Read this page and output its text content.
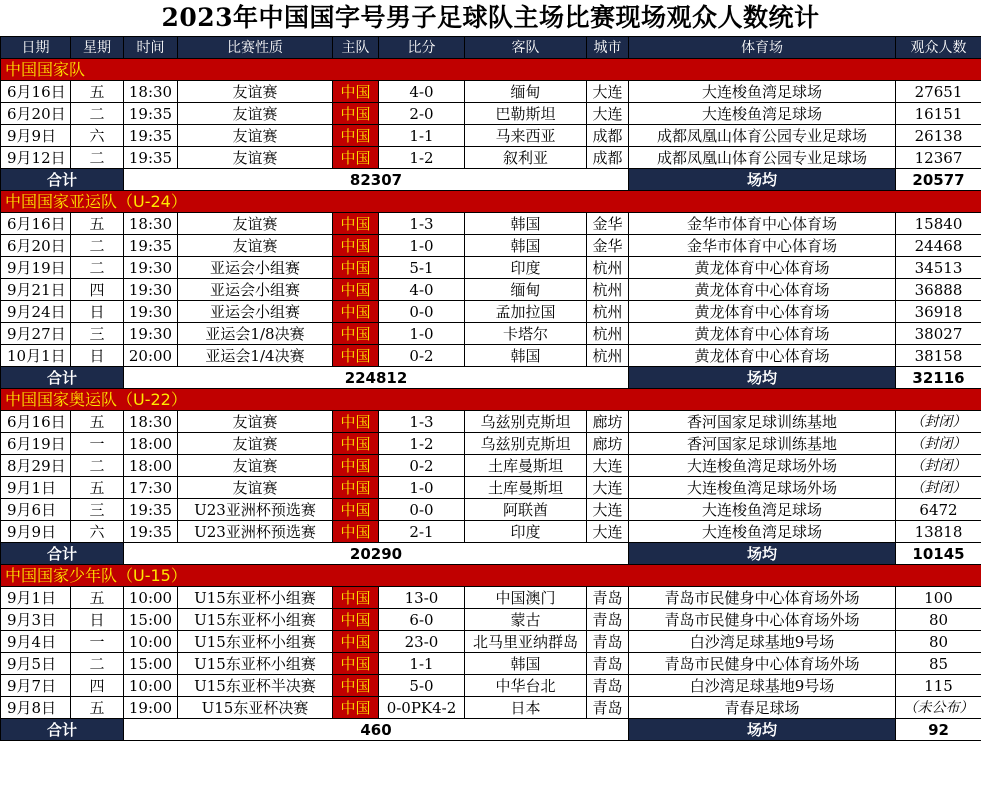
2023年中国国字号男子足球队主场比赛现场观众人数统计
日期	星期	时间	比赛性质	主队	比分	客队	城市	体育场	观众人数
中国国家队									
6月16日	五	18:30	友谊赛	中国	4-0	缅甸	大连	大连梭鱼湾足球场	27651
6月20日	二	19:35	友谊赛	中国	2-0	巴勒斯坦	大连	大连梭鱼湾足球场	16151
9月9日	六	19:35	友谊赛	中国	1-1	马来西亚	成都	成都凤凰山体育公园专业足球场	26138
9月12日	二	19:35	友谊赛	中国	1-2	叙利亚	成都	成都凤凰山体育公园专业足球场	12367
合计		82307						场均	20577
中国国家亚运队（U-24）									
6月16日	五	18:30	友谊赛	中国	1-3	韩国	金华	金华市体育中心体育场	15840
6月20日	二	19:35	友谊赛	中国	1-0	韩国	金华	金华市体育中心体育场	24468
9月19日	二	19:30	亚运会小组赛	中国	5-1	印度	杭州	黄龙体育中心体育场	34513
9月21日	四	19:30	亚运会小组赛	中国	4-0	缅甸	杭州	黄龙体育中心体育场	36888
9月24日	日	19:30	亚运会小组赛	中国	0-0	孟加拉国	杭州	黄龙体育中心体育场	36918
9月27日	三	19:30	亚运会1/8决赛	中国	1-0	卡塔尔	杭州	黄龙体育中心体育场	38027
10月1日	日	20:00	亚运会1/4决赛	中国	0-2	韩国	杭州	黄龙体育中心体育场	38158
合计		224812						场均	32116
中国国家奥运队（U-22）									
6月16日	五	18:30	友谊赛	中国	1-3	乌兹别克斯坦	廊坊	香河国家足球训练基地	（封闭）
6月19日	一	18:00	友谊赛	中国	1-2	乌兹别克斯坦	廊坊	香河国家足球训练基地	（封闭）
8月29日	二	18:00	友谊赛	中国	0-2	土库曼斯坦	大连	大连梭鱼湾足球场外场	（封闭）
9月1日	五	17:30	友谊赛	中国	1-0	土库曼斯坦	大连	大连梭鱼湾足球场外场	（封闭）
9月6日	三	19:35	U23亚洲杯预选赛	中国	0-0	阿联酋	大连	大连梭鱼湾足球场	6472
9月9日	六	19:35	U23亚洲杯预选赛	中国	2-1	印度	大连	大连梭鱼湾足球场	13818
合计		20290						场均	10145
中国国家少年队（U-15）									
9月1日	五	10:00	U15东亚杯小组赛	中国	13-0	中国澳门	青岛	青岛市民健身中心体育场外场	100
9月3日	日	15:00	U15东亚杯小组赛	中国	6-0	蒙古	青岛	青岛市民健身中心体育场外场	80
9月4日	一	10:00	U15东亚杯小组赛	中国	23-0	北马里亚纳群岛	青岛	白沙湾足球基地9号场	80
9月5日	二	15:00	U15东亚杯小组赛	中国	1-1	韩国	青岛	青岛市民健身中心体育场外场	85
9月7日	四	10:00	U15东亚杯半决赛	中国	5-0	中华台北	青岛	白沙湾足球基地9号场	115
9月8日	五	19:00	U15东亚杯决赛	中国	0-0PK4-2	日本	青岛	青春足球场	（未公布）
合计		460						场均	92
